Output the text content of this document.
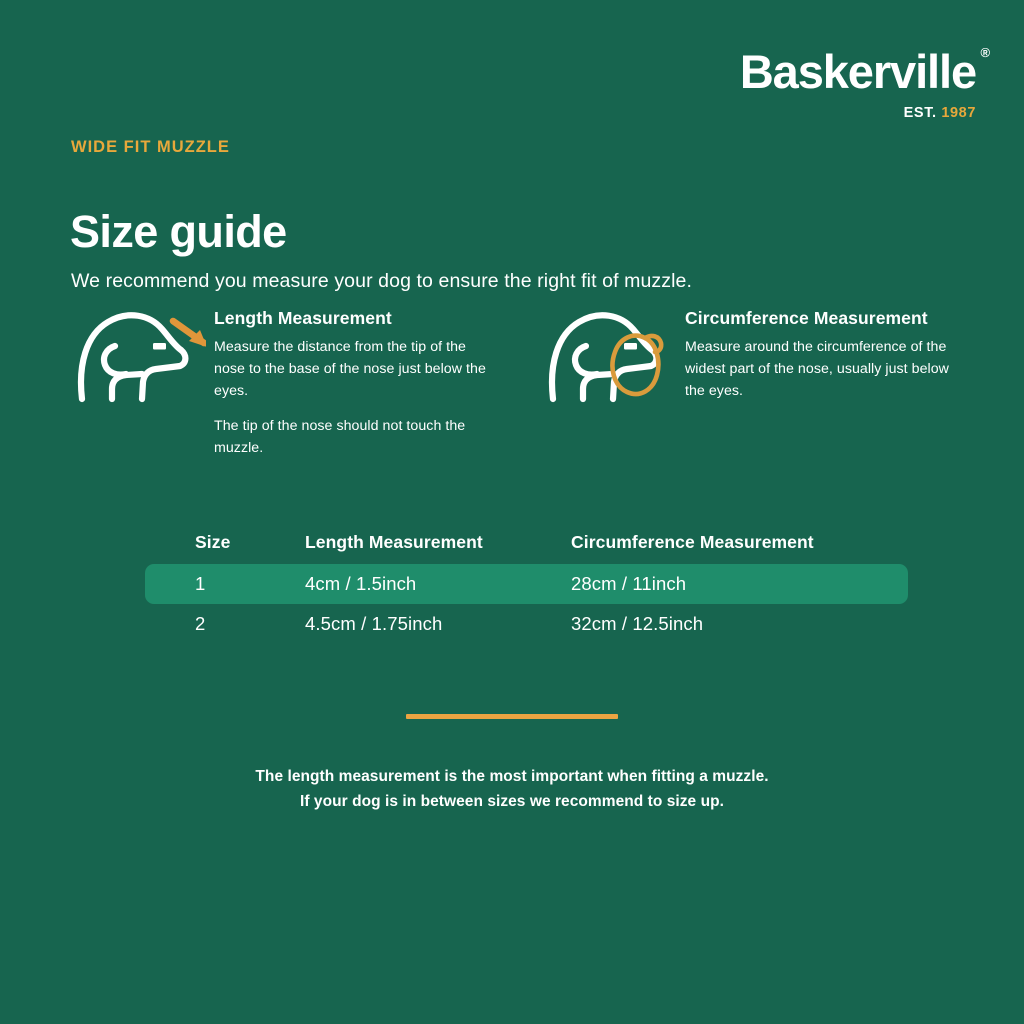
Baskerville ®
EST. 1987
WIDE FIT MUZZLE
Size guide

We recommend you measure your dog to ensure the right fit of muzzle.

Length Measurement

Measure the distance from the tip of the nose to the base of the nose just below the eyes.

The tip of the nose should not touch the muzzle.

Circumference Measurement

Measure around the circumference of the widest part of the nose, usually just below the eyes.

Size	Length Measurement	Circumference Measurement
1	4cm / 1.5inch	28cm / 11inch
2	4.5cm / 1.75inch	32cm / 12.5inch
The length measurement is the most important when fitting a muzzle.
If your dog is in between sizes we recommend to size up.
